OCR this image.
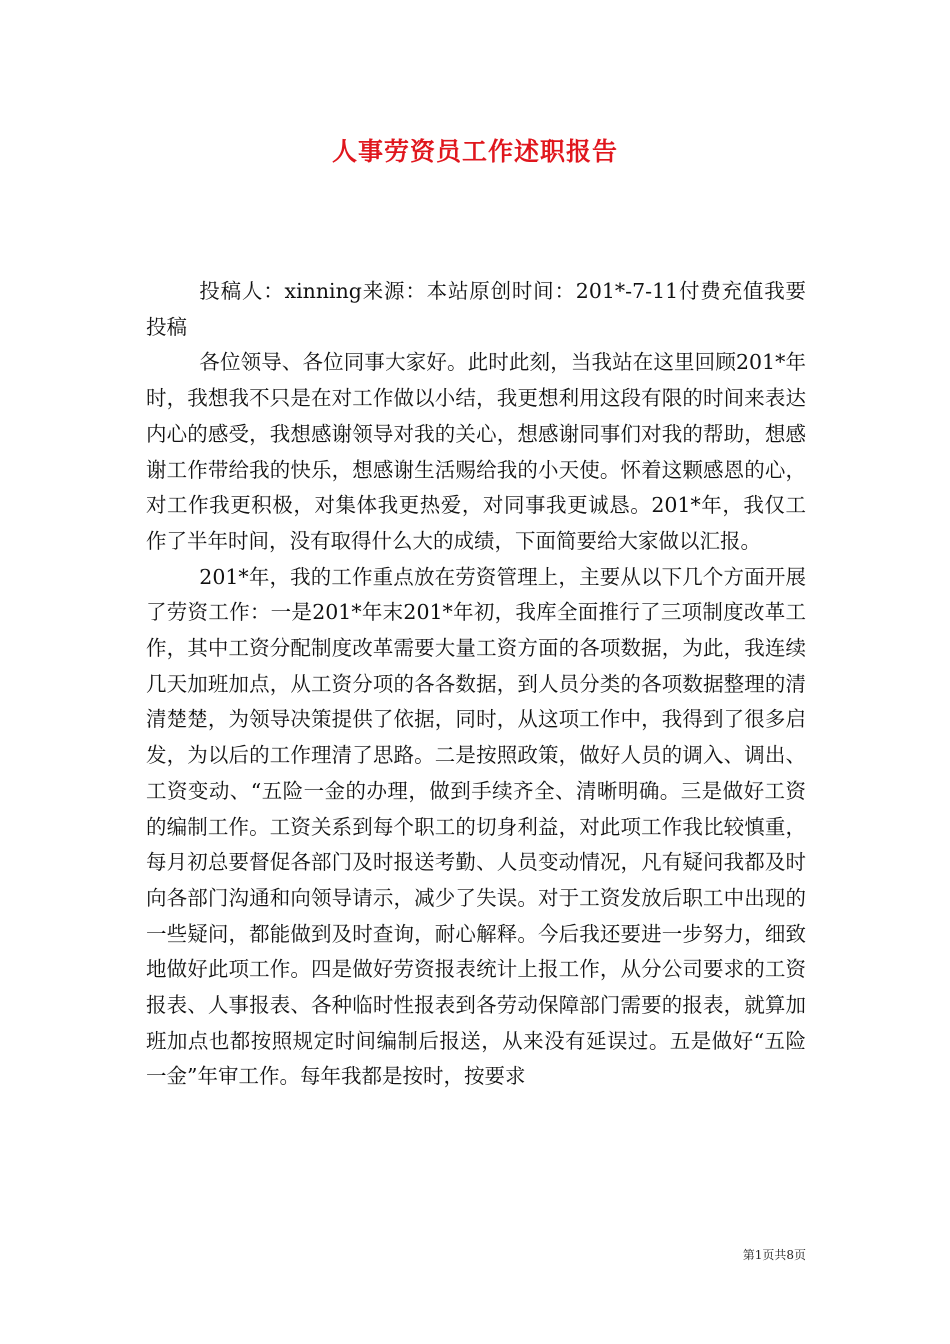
人事劳资员工作述职报告

投稿人：xinning来源：本站原创时间：201*-7-11付费充值我要投稿

各位领导、各位同事大家好。此时此刻，当我站在这里回顾201*年时，我想我不只是在对工作做以小结，我更想利用这段有限的时间来表达内心的感受，我想感谢领导对我的关心，想感谢同事们对我的帮助，想感谢工作带给我的快乐，想感谢生活赐给我的小天使。怀着这颗感恩的心，对工作我更积极，对集体我更热爱，对同事我更诚恳。201*年，我仅工作了半年时间，没有取得什么大的成绩，下面简要给大家做以汇报。

201*年，我的工作重点放在劳资管理上，主要从以下几个方面开展了劳资工作：一是201*年末201*年初，我库全面推行了三项制度改革工作，其中工资分配制度改革需要大量工资方面的各项数据，为此，我连续几天加班加点，从工资分项的各各数据，到人员分类的各项数据整理的清清楚楚，为领导决策提供了依据，同时，从这项工作中，我得到了很多启发，为以后的工作理清了思路。二是按照政策，做好人员的调入、调出、工资变动、“五险一金的办理，做到手续齐全、清晰明确。三是做好工资的编制工作。工资关系到每个职工的切身利益，对此项工作我比较慎重，每月初总要督促各部门及时报送考勤、人员变动情况，凡有疑问我都及时向各部门沟通和向领导请示，减少了失误。对于工资发放后职工中出现的一些疑问，都能做到及时查询，耐心解释。今后我还要进一步努力，细致地做好此项工作。四是做好劳资报表统计上报工作，从分公司要求的工资报表、人事报表、各种临时性报表到各劳动保障部门需要的报表，就算加班加点也都按照规定时间编制后报送，从来没有延误过。五是做好“五险一金”年审工作。每年我都是按时，按要求

第1页共8页
